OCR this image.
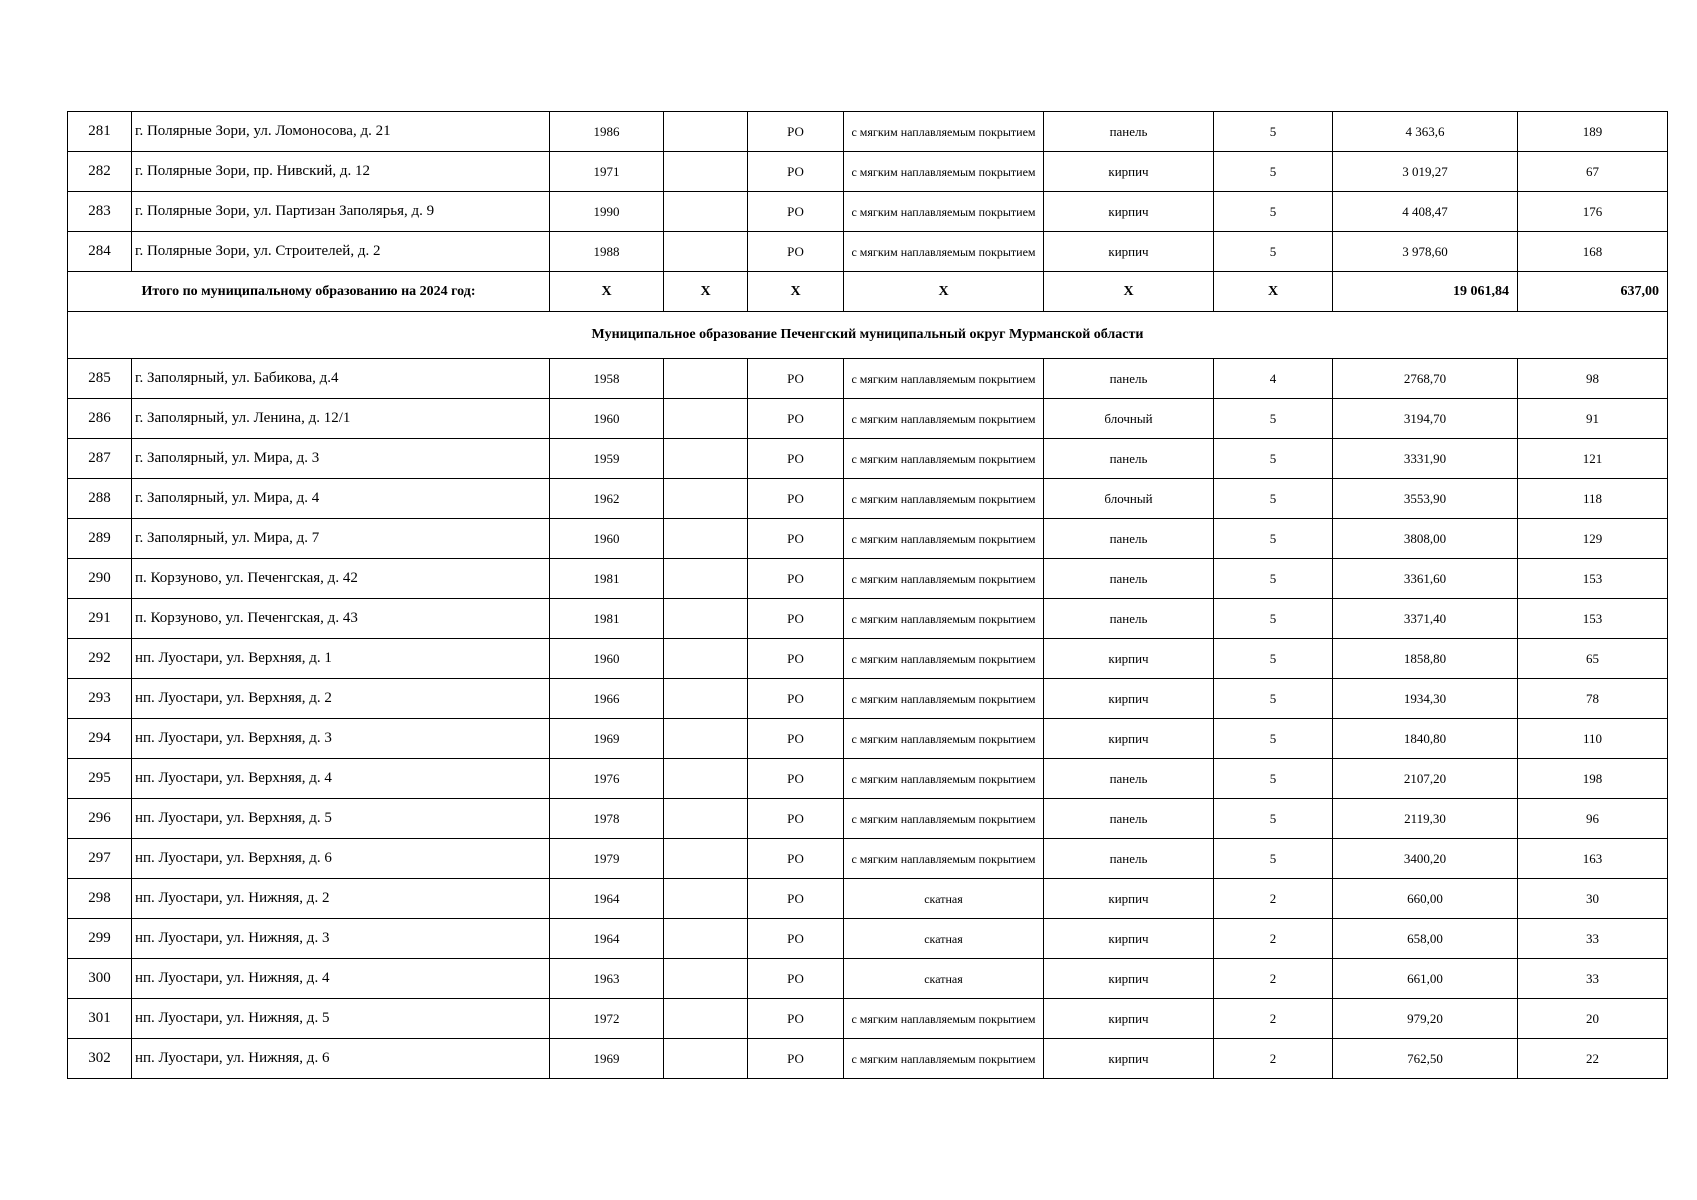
281	г. Полярные Зори, ул. Ломоносова, д. 21	1986		РО	с мягким наплавляемым покрытием	панель	5	4 363,6	189
282	г. Полярные Зори, пр. Нивский, д. 12	1971		РО	с мягким наплавляемым покрытием	кирпич	5	3 019,27	67
283	г. Полярные Зори, ул. Партизан Заполярья, д. 9	1990		РО	с мягким наплавляемым покрытием	кирпич	5	4 408,47	176
284	г. Полярные Зори, ул. Строителей, д. 2	1988		РО	с мягким наплавляемым покрытием	кирпич	5	3 978,60	168
Итого по муниципальному образованию на 2024 год:		X	X	X	X	X	X	19 061,84	637,00
Муниципальное образование Печенгский муниципальный округ Мурманской области									
285	г. Заполярный, ул. Бабикова, д.4	1958		РО	с мягким наплавляемым покрытием	панель	4	2768,70	98
286	г. Заполярный, ул. Ленина, д. 12/1	1960		РО	с мягким наплавляемым покрытием	блочный	5	3194,70	91
287	г. Заполярный, ул. Мира, д. 3	1959		РО	с мягким наплавляемым покрытием	панель	5	3331,90	121
288	г. Заполярный, ул. Мира, д. 4	1962		РО	с мягким наплавляемым покрытием	блочный	5	3553,90	118
289	г. Заполярный, ул. Мира, д. 7	1960		РО	с мягким наплавляемым покрытием	панель	5	3808,00	129
290	п. Корзуново, ул. Печенгская, д. 42	1981		РО	с мягким наплавляемым покрытием	панель	5	3361,60	153
291	п. Корзуново, ул. Печенгская, д. 43	1981		РО	с мягким наплавляемым покрытием	панель	5	3371,40	153
292	нп. Луостари, ул. Верхняя, д. 1	1960		РО	с мягким наплавляемым покрытием	кирпич	5	1858,80	65
293	нп. Луостари, ул. Верхняя, д. 2	1966		РО	с мягким наплавляемым покрытием	кирпич	5	1934,30	78
294	нп. Луостари, ул. Верхняя, д. 3	1969		РО	с мягким наплавляемым покрытием	кирпич	5	1840,80	110
295	нп. Луостари, ул. Верхняя, д. 4	1976		РО	с мягким наплавляемым покрытием	панель	5	2107,20	198
296	нп. Луостари, ул. Верхняя, д. 5	1978		РО	с мягким наплавляемым покрытием	панель	5	2119,30	96
297	нп. Луостари, ул. Верхняя, д. 6	1979		РО	с мягким наплавляемым покрытием	панель	5	3400,20	163
298	нп. Луостари, ул. Нижняя, д. 2	1964		РО	скатная	кирпич	2	660,00	30
299	нп. Луостари, ул. Нижняя, д. 3	1964		РО	скатная	кирпич	2	658,00	33
300	нп. Луостари, ул. Нижняя, д. 4	1963		РО	скатная	кирпич	2	661,00	33
301	нп. Луостари, ул. Нижняя, д. 5	1972		РО	с мягким наплавляемым покрытием	кирпич	2	979,20	20
302	нп. Луостари, ул. Нижняя, д. 6	1969		РО	с мягким наплавляемым покрытием	кирпич	2	762,50	22
